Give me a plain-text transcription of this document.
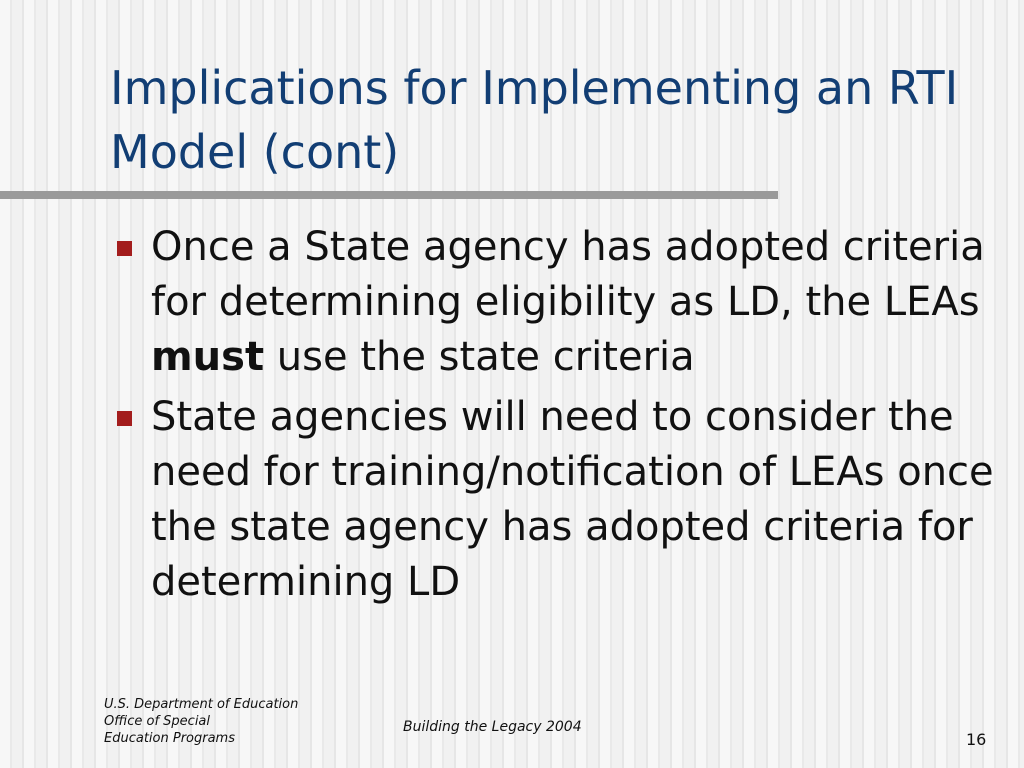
Implications for Implementing an RTI Model (cont)
Once a State agency has adopted criteria for determining eligibility as LD, the LEAs must use the state criteria
State agencies will need to consider the need for training/notification of LEAs once the state agency has adopted criteria for determining LD
U.S. Department of Education
Office of Special
Education Programs
Building the Legacy 2004
16
